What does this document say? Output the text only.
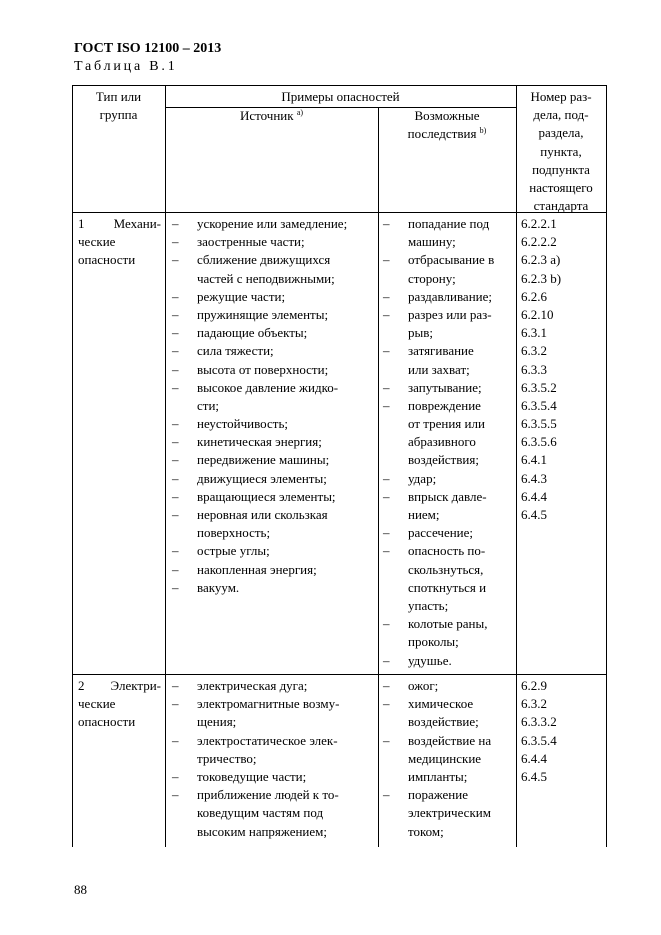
ГОСТ ISO 12100 – 2013
Таблица В.1
Тип или
группа
Примеры опасностей
Источник $^{a)}$	Возможные
последствия $^{b)}$
Номер раз-
дела, под-
раздела,
пункта,
подпункта
настоящего
стандарта
1 Механи-
ческие
опасности
– ускорение или замедление;
– заостренные части;
– сближение движущихся
частей с неподвижными;
– режущие части;
– пружинящие элементы;
– падающие объекты;
– сила тяжести;
– высота от поверхности;
– высокое давление жидко-
сти;
– неустойчивость;
– кинетическая энергия;
– передвижение машины;
– движущиеся элементы;
– вращающиеся элементы;
– неровная или скользкая
поверхность;
– острые углы;
– накопленная энергия;
– вакуум.
– попадание под
машину;
– отбрасывание в
сторону;
– раздавливание;
– разрез или раз-
рыв;
– затягивание
или захват;
– запутывание;
– повреждение
от трения или
абразивного
воздействия;
– удар;
– впрыск давле-
нием;
– рассечение;
– опасность по-
скользнуться,
споткнуться и
упасть;
– колотые раны,
проколы;
– удушье.
6.2.2.1
6.2.2.2
6.2.3 a)
6.2.3 b)
6.2.6
6.2.10
6.3.1
6.3.2
6.3.3
6.3.5.2
6.3.5.4
6.3.5.5
6.3.5.6
6.4.1
6.4.3
6.4.4
6.4.5
2 Электри-
ческие
опасности
– электрическая дуга;
– электромагнитные возму-
щения;
– электростатическое элек-
тричество;
– токоведущие части;
– приближение людей к то-
коведущим частям под
высоким напряжением;
– ожог;
– химическое
воздействие;
– воздействие на
медицинские
импланты;
– поражение
электрическим
током;
6.2.9
6.3.2
6.3.3.2
6.3.5.4
6.4.4
6.4.5
88
